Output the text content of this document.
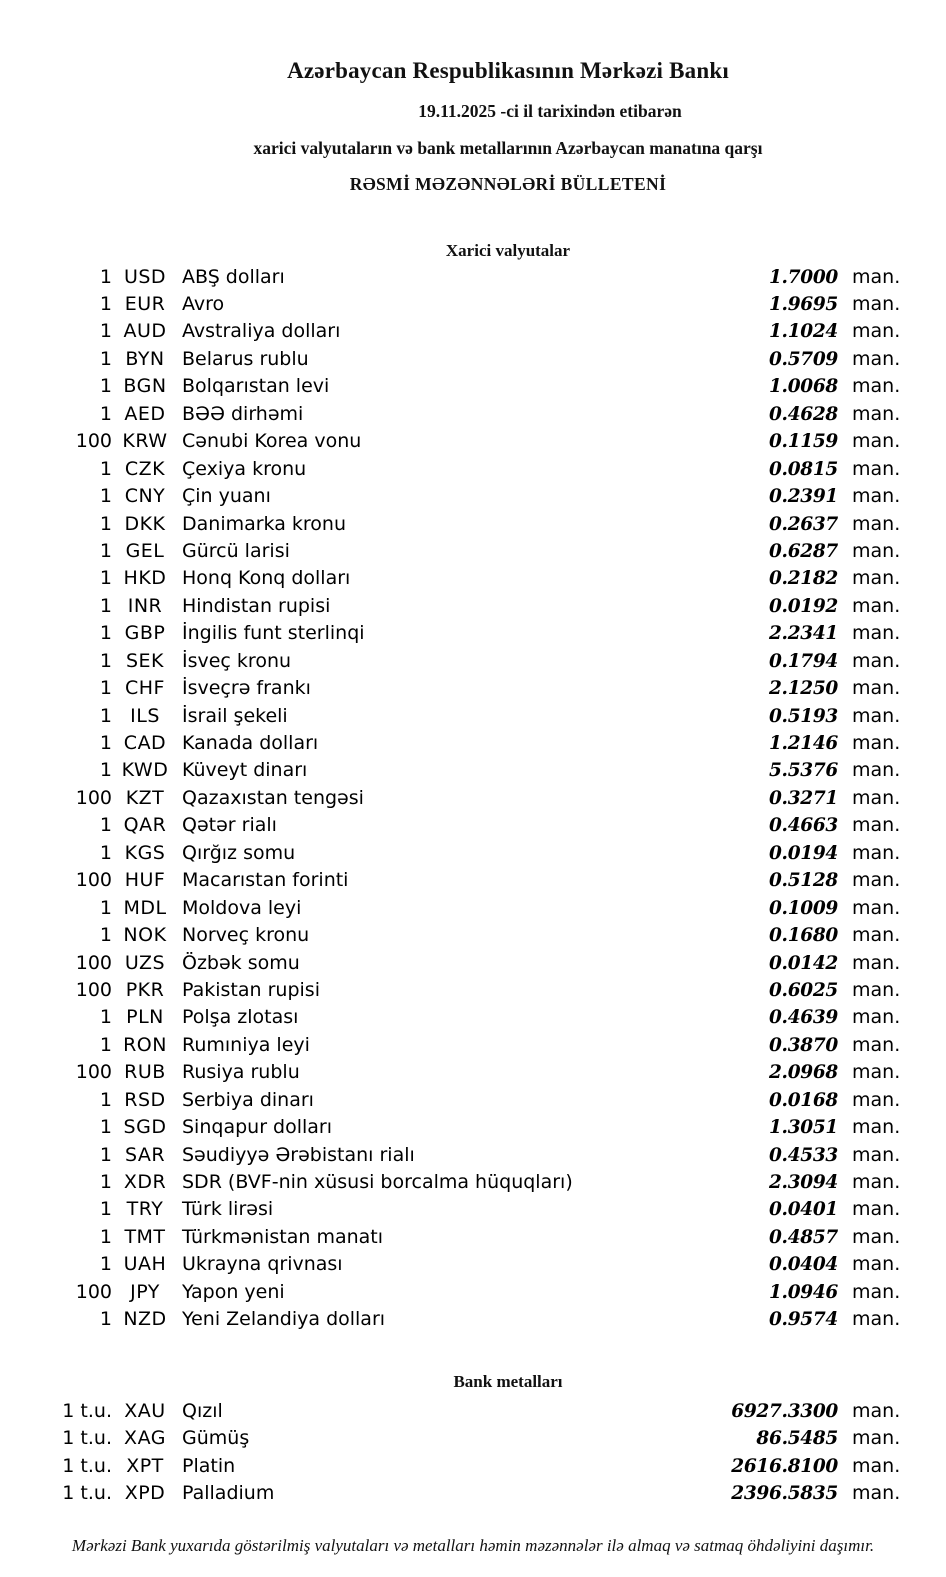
Azərbaycan Respublikasının Mərkəzi Bankı
19.11.2025 -ci il tarixindən etibarən
xarici valyutaların və bank metallarının Azərbaycan manatına qarşı
RƏSMİ MƏZƏNNƏLƏRİ BÜLLETENİ
Xarici valyutalar
1 USD ABŞ dolları	1.7000 man.
1 EUR Avro	1.9695 man.
1 AUD Avstraliya dolları	1.1024 man.
1 BYN Belarus rublu	0.5709 man.
1 BGN Bolqarıstan levi	1.0068 man.
1 AED BƏƏ dirhəmi	0.4628 man.
100 KRW Cənubi Korea vonu	0.1159 man.
1 CZK Çexiya kronu	0.0815 man.
1 CNY Çin yuanı	0.2391 man.
1 DKK Danimarka kronu	0.2637 man.
1 GEL Gürcü larisi	0.6287 man.
1 HKD Honq Konq dolları	0.2182 man.
1 INR	Hindistan rupisi	0.0192 man.
1 GBP İngilis funt sterlinqi	2.2341 man.
1 SEK İsveç kronu	0.1794 man.
1 CHF İsveçrə frankı	2.1250 man.
1 ILS	İsrail şekeli	0.5193 man.
1 CAD Kanada dolları	1.2146 man.
1 KWD Küveyt dinarı	5.5376 man.
100 KZT Qazaxıstan tengəsi	0.3271 man.
1 QAR Qətər rialı	0.4663 man.
1 KGS Qırğız somu	0.0194 man.
100 HUF Macarıstan forinti	0.5128 man.
1 MDL Moldova leyi	0.1009 man.
1 NOK Norveç kronu	0.1680 man.
100 UZS Özbək somu	0.0142 man.
100 PKR Pakistan rupisi	0.6025 man.
1 PLN Polşa zlotası	0.4639 man.
1 RON Rumıniya leyi	0.3870 man.
100 RUB Rusiya rublu	2.0968 man.
1 RSD Serbiya dinarı	0.0168 man.
1 SGD Sinqapur dolları	1.3051 man.
1 SAR Səudiyyə Ərəbistanı rialı	0.4533 man.
1 XDR SDR (BVF-nin xüsusi borcalma hüquqları)	2.3094 man.
1 TRY Türk lirəsi	0.0401 man.
1 TMT Türkmənistan manatı	0.4857 man.
1 UAH Ukrayna qrivnası	0.0404 man.
100 JPY	Yapon yeni	1.0946 man.
1 NZD Yeni Zelandiya dolları	0.9574 man.
Bank metalları
1 t.u. XAU Qızıl	6927.3300 man.
1 t.u. XAG Gümüş	86.5485 man.
1 t.u. XPT Platin	2616.8100 man.
1 t.u. XPD Palladium	2396.5835 man.
Mərkəzi Bank yuxarıda göstərilmiş valyutaları və metalları həmin məzənnələr ilə almaq və satmaq öhdəliyini daşımır.
